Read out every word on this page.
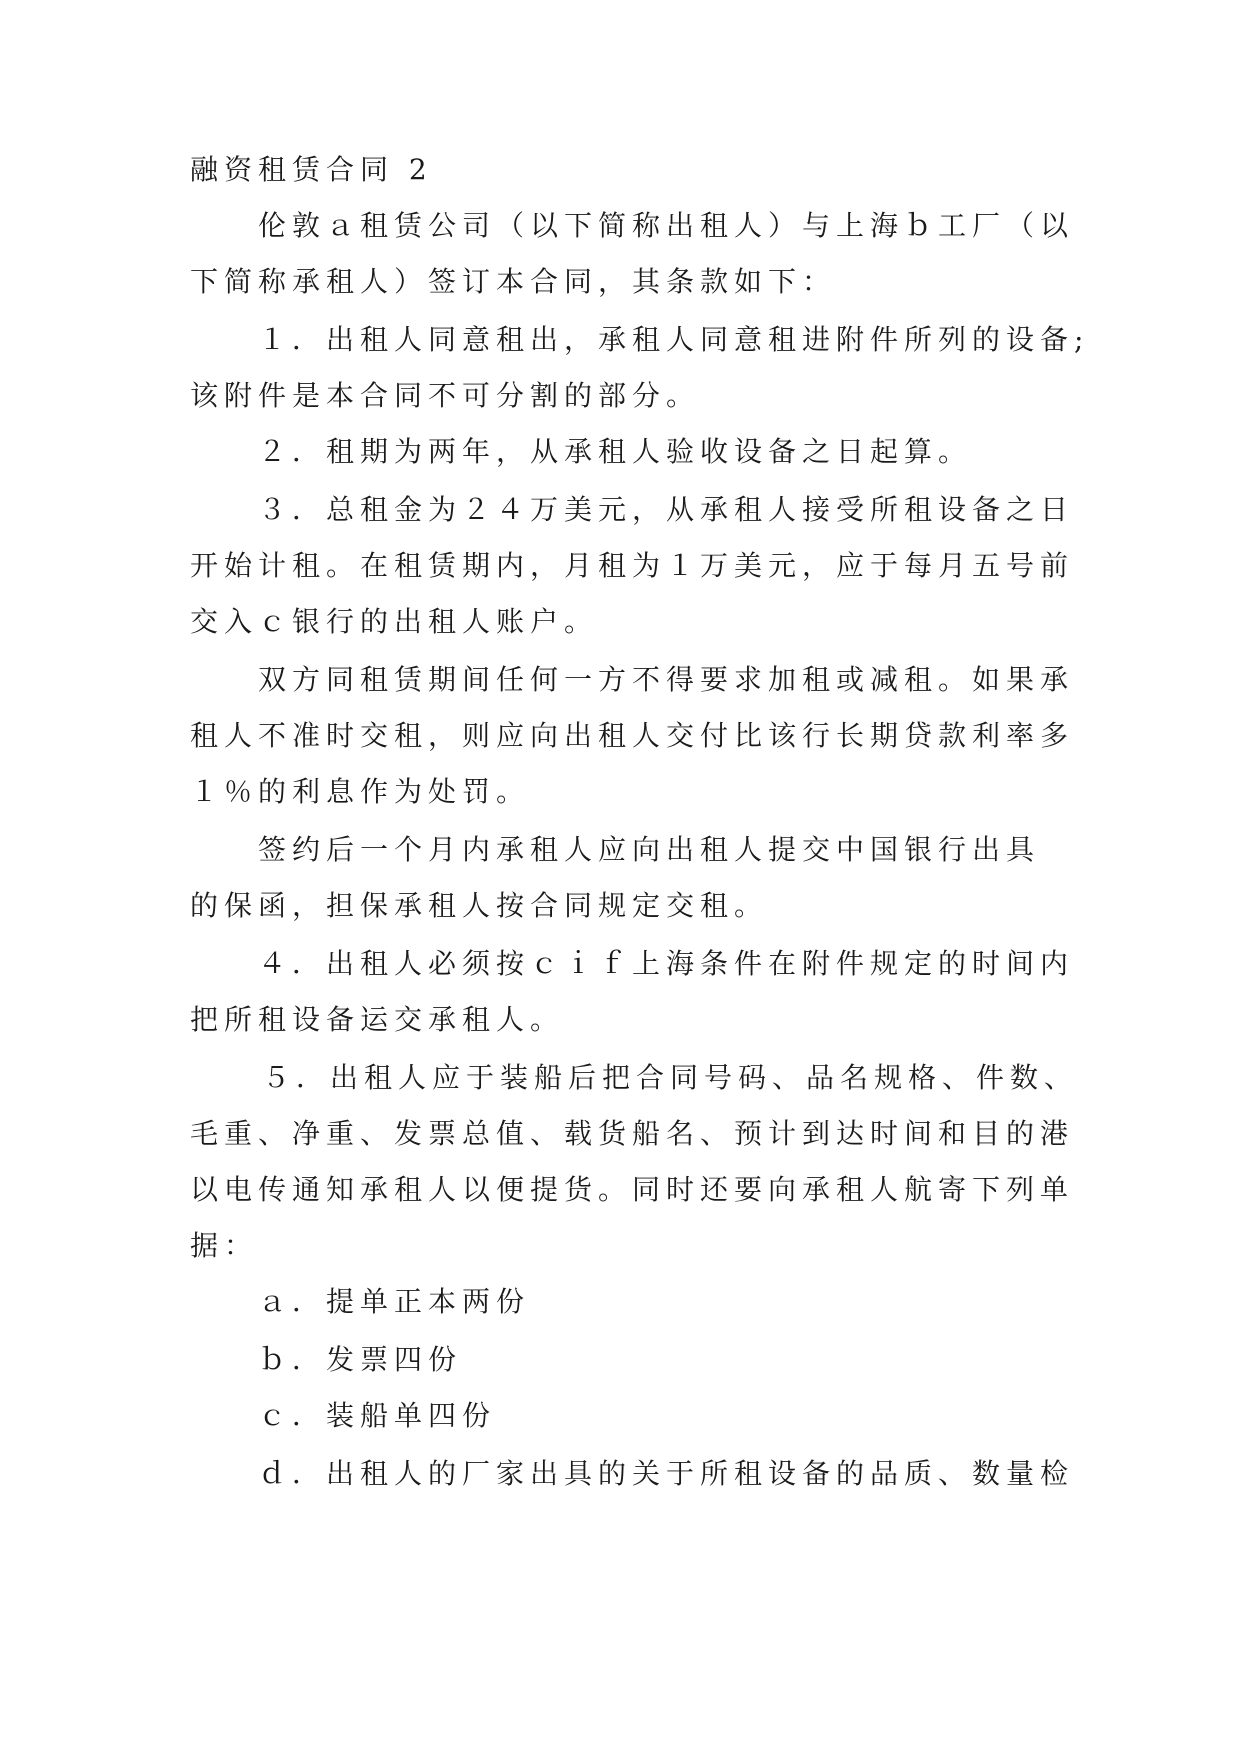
融资租赁合同 2
伦敦ａ租赁公司（以下简称出租人）与上海ｂ工厂（以
下简称承租人）签订本合同，其条款如下：
１．出租人同意租出，承租人同意租进附件所列的设备;
该附件是本合同不可分割的部分。
２．租期为两年，从承租人验收设备之日起算。
３．总租金为２４万美元，从承租人接受所租设备之日
开始计租。在租赁期内，月租为１万美元，应于每月五号前
交入ｃ银行的出租人账户。
双方同租赁期间任何一方不得要求加租或减租。如果承
租人不准时交租，则应向出租人交付比该行长期贷款利率多
１％的利息作为处罚。
签约后一个月内承租人应向出租人提交中国银行出具
的保函，担保承租人按合同规定交租。
４．出租人必须按ｃｉｆ上海条件在附件规定的时间内
把所租设备运交承租人。
５．出租人应于装船后把合同号码、品名规格、件数、
毛重、净重、发票总值、载货船名、预计到达时间和目的港
以电传通知承租人以便提货。同时还要向承租人航寄下列单
据：
ａ．提单正本两份
ｂ．发票四份
ｃ．装船单四份
ｄ．出租人的厂家出具的关于所租设备的品质、数量检
